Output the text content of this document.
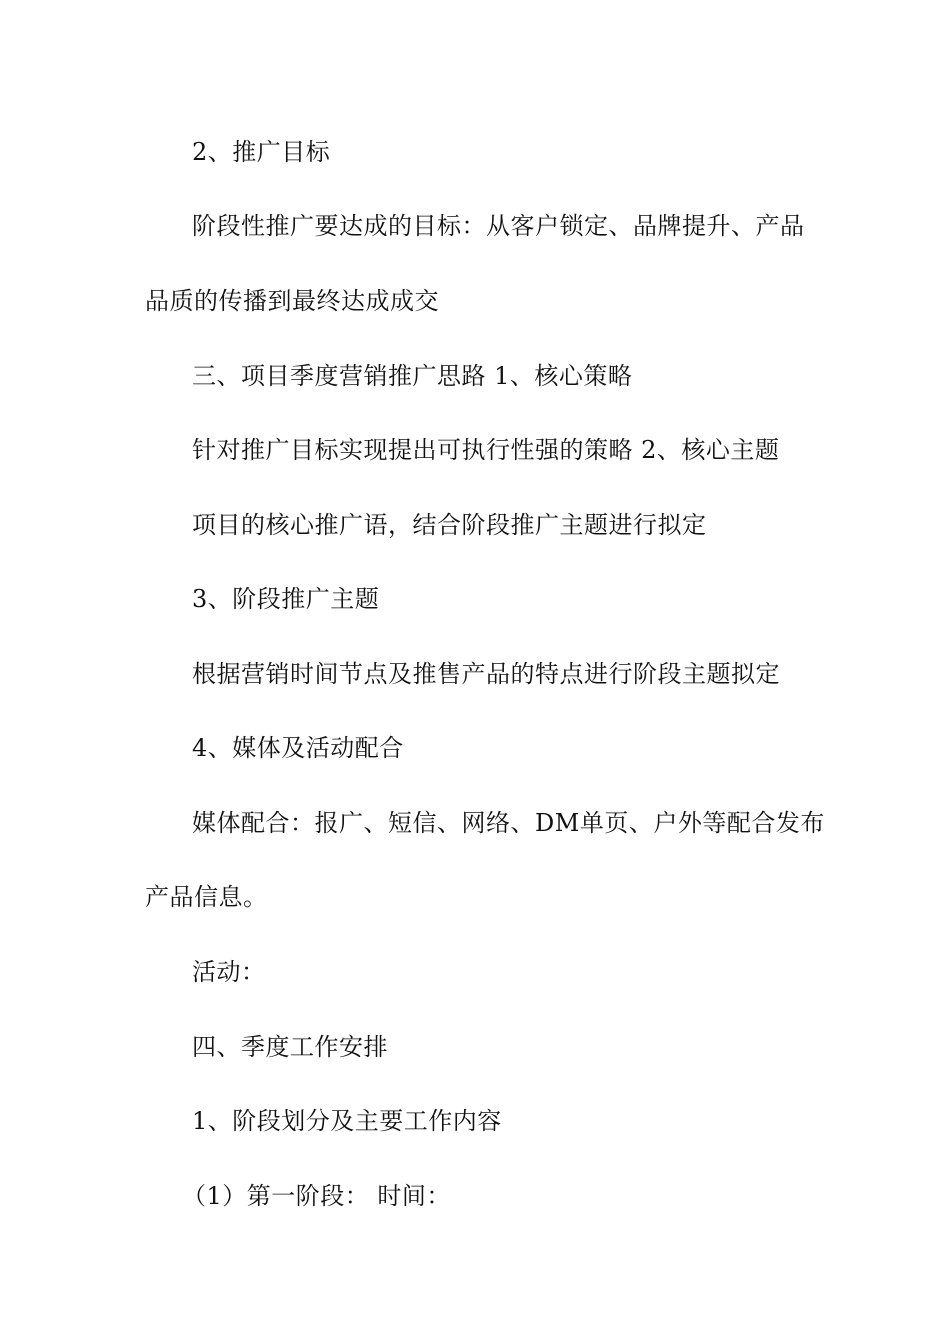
2、推广目标
阶段性推广要达成的目标：从客户锁定、品牌提升、产品
品质的传播到最终达成成交
三、项目季度营销推广思路 1、核心策略
针对推广目标实现提出可执行性强的策略 2、核心主题
项目的核心推广语，结合阶段推广主题进行拟定
3、阶段推广主题
根据营销时间节点及推售产品的特点进行阶段主题拟定
4、媒体及活动配合
媒体配合：报广、短信、网络、DM单页、户外等配合发布
产品信息。
活动：
四、季度工作安排
1、阶段划分及主要工作内容
（1）第一阶段： 时间：
